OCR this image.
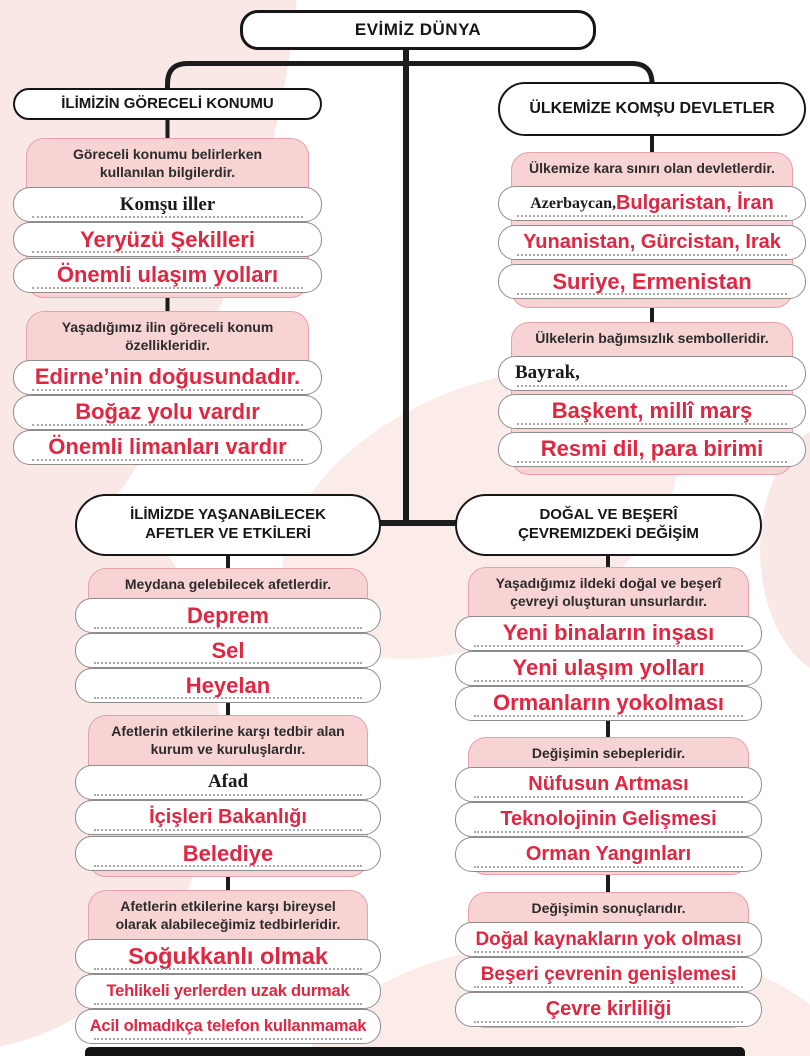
EVİMİZ DÜNYA
İLİMİZİN GÖRECELİ KONUMU
Göreceli konumu belirlerken kullanılan bilgilerdir.
Komşu iller
Yeryüzü Şekilleri
Önemli ulaşım yolları
Yaşadığımız ilin göreceli konum özellikleridir.
Edirne’nin doğusundadır.
Boğaz yolu vardır
Önemli limanları vardır
ÜLKEMİZE KOMŞU DEVLETLER
Ülkemize kara sınırı olan devletlerdir.
Azerbaycan, Bulgaristan, İran
Yunanistan, Gürcistan, Irak
Suriye, Ermenistan
Ülkelerin bağımsızlık sembolleridir.
Bayrak,
Başkent, millî marş
Resmi dil, para birimi
İLİMİZDE YAŞANABİLECEK AFETLER VE ETKİLERİ
Meydana gelebilecek afetlerdir.
Deprem
Sel
Heyelan
Afetlerin etkilerine karşı tedbir alan kurum ve kuruluşlardır.
Afad
İçişleri Bakanlığı
Belediye
Afetlerin etkilerine karşı bireysel olarak alabileceğimiz tedbirleridir.
Soğukkanlı olmak
Tehlikeli yerlerden uzak durmak
Acil olmadıkça telefon kullanmamak
DOĞAL VE BEŞERÎ ÇEVREMIZDEKİ DEĞİŞİM
Yaşadığımız ildeki doğal ve beşerî çevreyi oluşturan unsurlardır.
Yeni binaların inşası
Yeni ulaşım yolları
Ormanların yokolması
Değişimin sebepleridir.
Nüfusun Artması
Teknolojinin Gelişmesi
Orman Yangınları
Değişimin sonuçlarıdır.
Doğal kaynakların yok olması
Beşeri çevrenin genişlemesi
Çevre kirliliği
